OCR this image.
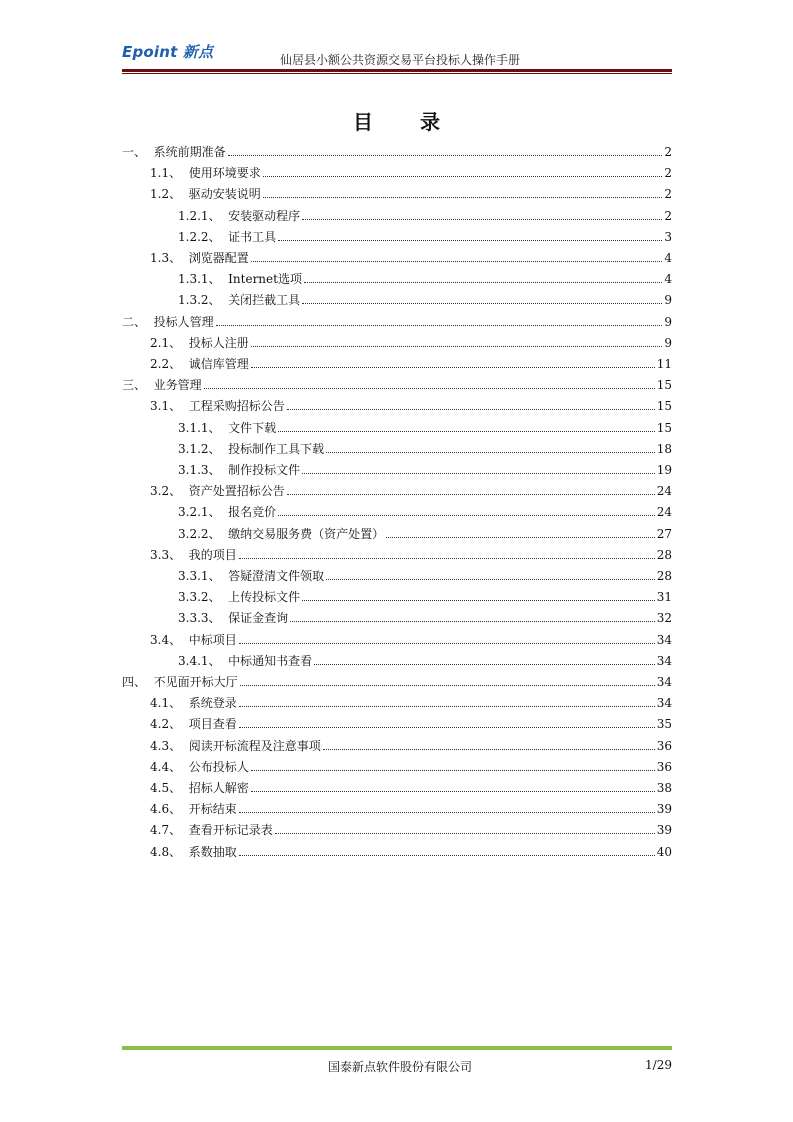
Epoint 新点	仙居县小额公共资源交易平台投标人操作手册
目 录
一、 系统前期准备	2
1.1、 使用环境要求	2
1.2、 驱动安装说明	2
1.2.1、 安装驱动程序	2
1.2.2、 证书工具	3
1.3、 浏览器配置	4
1.3.1、 Internet选项	4
1.3.2、 关闭拦截工具	9
二、 投标人管理	9
2.1、 投标人注册	9
2.2、 诚信库管理	11
三、 业务管理	15
3.1、 工程采购招标公告	15
3.1.1、 文件下载	15
3.1.2、 投标制作工具下载	18
3.1.3、 制作投标文件	19
3.2、 资产处置招标公告	24
3.2.1、 报名竞价	24
3.2.2、 缴纳交易服务费（资产处置）	27
3.3、 我的项目	28
3.3.1、 答疑澄清文件领取	28
3.3.2、 上传投标文件	31
3.3.3、 保证金查询	32
3.4、 中标项目	34
3.4.1、 中标通知书查看	34
四、 不见面开标大厅	34
4.1、 系统登录	34
4.2、 项目查看	35
4.3、 阅读开标流程及注意事项	36
4.4、 公布投标人	36
4.5、 招标人解密	38
4.6、 开标结束	39
4.7、 查看开标记录表	39
4.8、 系数抽取	40
国泰新点软件股份有限公司	1/29
